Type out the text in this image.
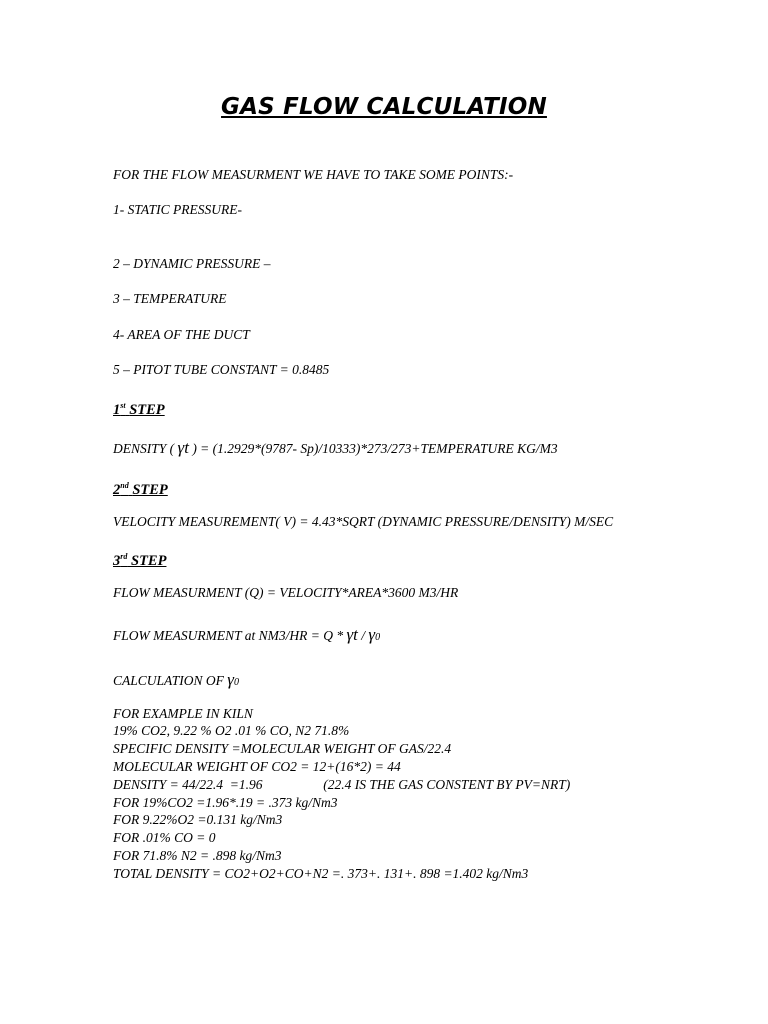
GAS FLOW CALCULATION
FOR THE FLOW MEASURMENT WE HAVE TO TAKE SOME POINTS:-
1- STATIC PRESSURE-
2 – DYNAMIC PRESSURE –
3 – TEMPERATURE
4- AREA OF THE DUCT
5 – PITOT TUBE CONSTANT = 0.8485
1st STEP
DENSITY ( γt ) = (1.2929*(9787- Sp)/10333)*273/273+TEMPERATURE KG/M3
2nd STEP
VELOCITY MEASUREMENT( V) = 4.43*SQRT (DYNAMIC PRESSURE/DENSITY) M/SEC
3rd STEP
FLOW MEASURMENT (Q) = VELOCITY*AREA*3600 M3/HR
FLOW MEASURMENT at NM3/HR = Q * γt / γ0
CALCULATION OF γ0
FOR EXAMPLE IN KILN
19% CO2, 9.22 % O2 .01 % CO, N2 71.8%
SPECIFIC DENSITY =MOLECULAR WEIGHT OF GAS/22.4
MOLECULAR WEIGHT OF CO2 = 12+(16*2) = 44
DENSITY = 44/22.4  =1.96                  (22.4 IS THE GAS CONSTENT BY PV=NRT)
FOR 19%CO2 =1.96*.19 = .373 kg/Nm3
FOR 9.22%O2 =0.131 kg/Nm3
FOR .01% CO = 0
FOR 71.8% N2 = .898 kg/Nm3
TOTAL DENSITY = CO2+O2+CO+N2 =. 373+. 131+. 898 =1.402 kg/Nm3
